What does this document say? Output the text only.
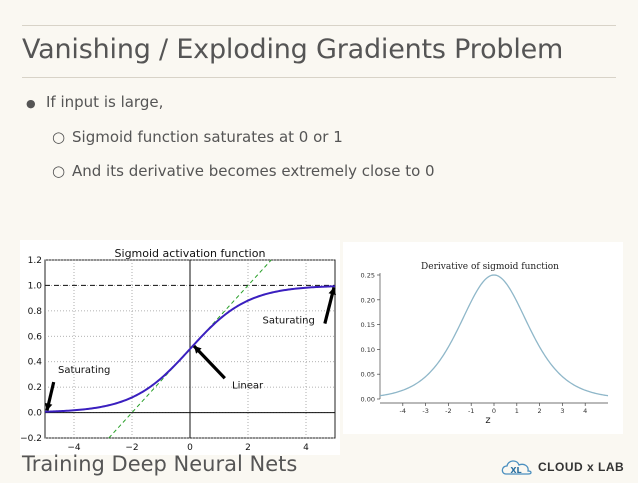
Vanishing / Exploding Gradients Problem
● If input is large,
○ Sigmoid function saturates at 0 or 1
○ And its derivative becomes extremely close to 0
Sigmoid activation function
−4	−2	0	2	4
−0.2
0.0
0.2
0.4
0.6
0.8
1.0
1.2
Saturating
Linear
Saturating
Derivative of sigmoid function
0.00
0.05
0.10
0.15
0.20
0.25
-4	-3	-2	-1	0	1	2	3	4
z
Training Deep Neural Nets	XL CLOUD x LAB
